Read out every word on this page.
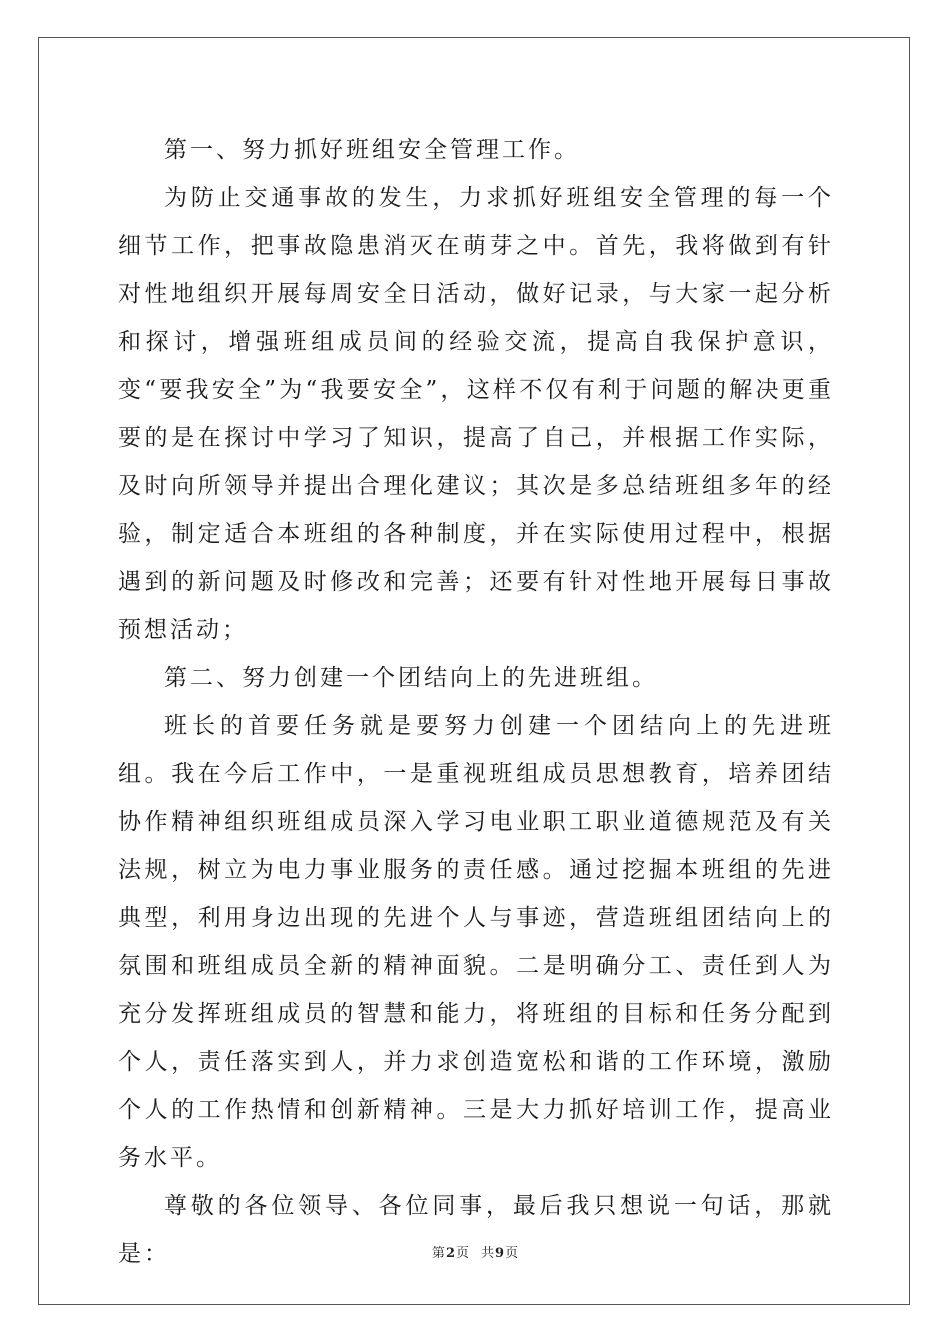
第一、努力抓好班组安全管理工作。

为防止交通事故的发生，力求抓好班组安全管理的每一个细节工作，把事故隐患消灭在萌芽之中。首先，我将做到有针对性地组织开展每周安全日活动，做好记录，与大家一起分析和探讨，增强班组成员间的经验交流，提高自我保护意识，变“要我安全”为“我要安全”，这样不仅有利于问题的解决更重要的是在探讨中学习了知识，提高了自己，并根据工作实际，及时向所领导并提出合理化建议；其次是多总结班组多年的经验，制定适合本班组的各种制度，并在实际使用过程中，根据遇到的新问题及时修改和完善；还要有针对性地开展每日事故预想活动；

第二、努力创建一个团结向上的先进班组。

班长的首要任务就是要努力创建一个团结向上的先进班组。我在今后工作中，一是重视班组成员思想教育，培养团结协作精神组织班组成员深入学习电业职工职业道德规范及有关法规，树立为电力事业服务的责任感。通过挖掘本班组的先进典型，利用身边出现的先进个人与事迹，营造班组团结向上的氛围和班组成员全新的精神面貌。二是明确分工、责任到人为充分发挥班组成员的智慧和能力，将班组的目标和任务分配到个人，责任落实到人，并力求创造宽松和谐的工作环境，激励个人的工作热情和创新精神。三是大力抓好培训工作，提高业务水平。

尊敬的各位领导、各位同事，最后我只想说一句话，那就是：	第2页 共9页
